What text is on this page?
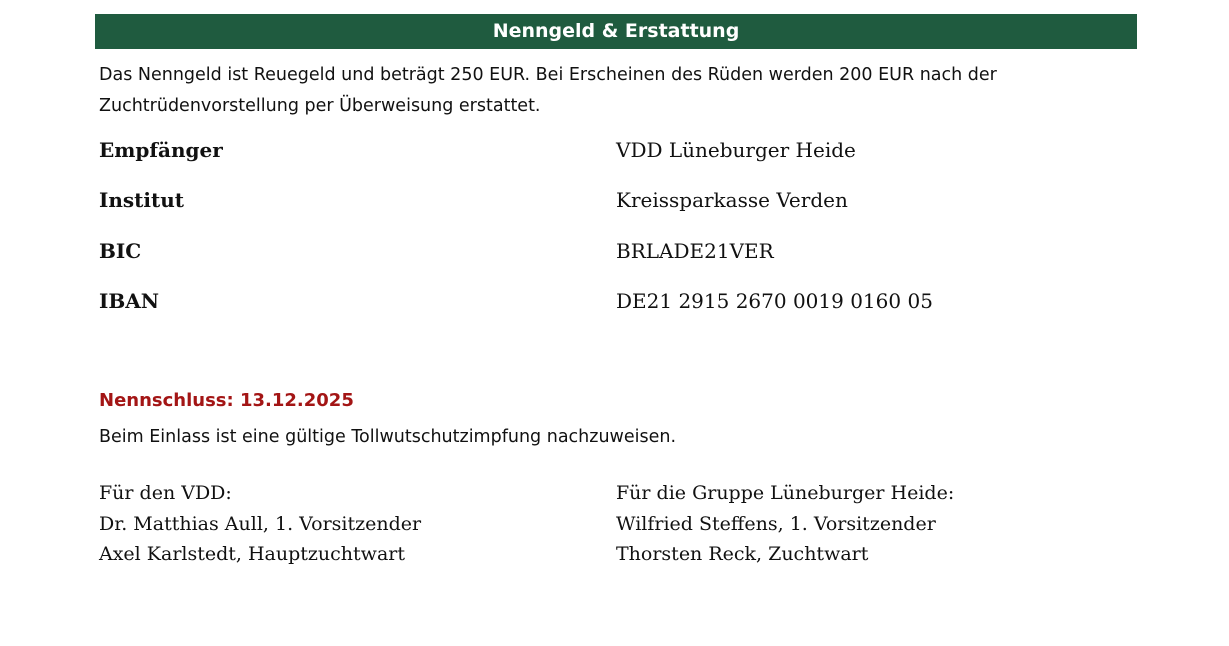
Nenngeld & Erstattung
Das Nenngeld ist Reuegeld und beträgt 250 EUR. Bei Erscheinen des Rüden werden 200 EUR nach der
Zuchtrüdenvorstellung per Überweisung erstattet.
Empfänger	VDD Lüneburger Heide
Institut	Kreissparkasse Verden
BIC	BRLADE21VER
IBAN	DE21 2915 2670 0019 0160 05
Nennschluss: 13.12.2025
Beim Einlass ist eine gültige Tollwutschutzimpfung nachzuweisen.
Für den VDD:
Dr. Matthias Aull, 1. Vorsitzender
Axel Karlstedt, Hauptzuchtwart
Für die Gruppe Lüneburger Heide:
Wilfried Steffens, 1. Vorsitzender
Thorsten Reck, Zuchtwart
